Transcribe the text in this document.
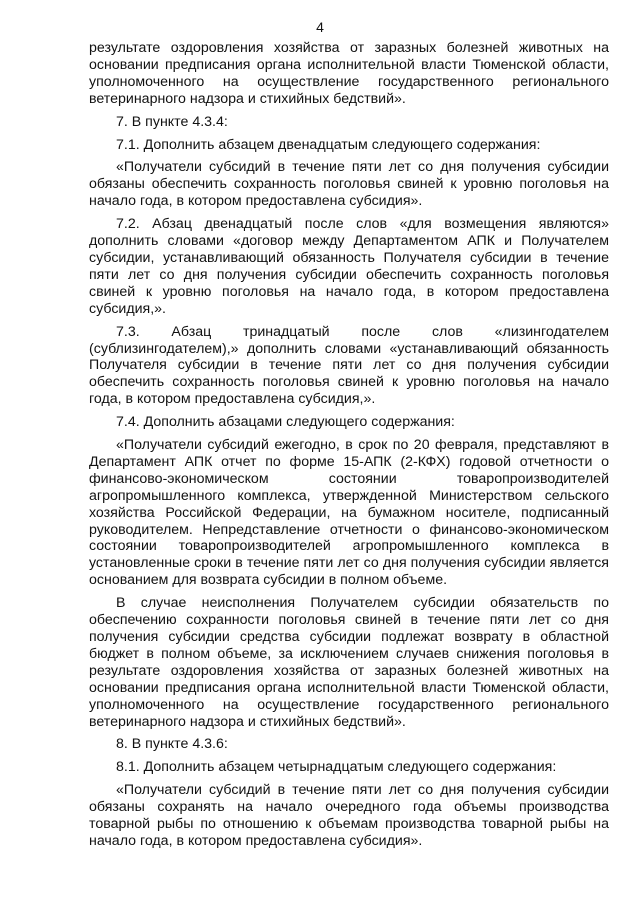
4

результате оздоровления хозяйства от заразных болезней животных на основании предписания органа исполнительной власти Тюменской области, уполномоченного на осуществление государственного регионального ветеринарного надзора и стихийных бедствий».

7. В пункте 4.3.4:

7.1. Дополнить абзацем двенадцатым следующего содержания:

«Получатели субсидий в течение пяти лет со дня получения субсидии обязаны обеспечить сохранность поголовья свиней к уровню поголовья на начало года, в котором предоставлена субсидия».

7.2. Абзац двенадцатый после слов «для возмещения являются» дополнить словами «договор между Департаментом АПК и Получателем субсидии, устанавливающий обязанность Получателя субсидии в течение пяти лет со дня получения субсидии обеспечить сохранность поголовья свиней к уровню поголовья на начало года, в котором предоставлена субсидия,».

7.3. Абзац тринадцатый после слов «лизингодателем (сублизингодателем),» дополнить словами «устанавливающий обязанность Получателя субсидии в течение пяти лет со дня получения субсидии обеспечить сохранность поголовья свиней к уровню поголовья на начало года, в котором предоставлена субсидия,».

7.4. Дополнить абзацами следующего содержания:

«Получатели субсидий ежегодно, в срок по 20 февраля, представляют в Департамент АПК отчет по форме 15-АПК (2-КФХ) годовой отчетности о финансово-экономическом состоянии товаропроизводителей агропромышленного комплекса, утвержденной Министерством сельского хозяйства Российской Федерации, на бумажном носителе, подписанный руководителем. Непредставление отчетности о финансово-экономическом состоянии товаропроизводителей агропромышленного комплекса в установленные сроки в течение пяти лет со дня получения субсидии является основанием для возврата субсидии в полном объеме.

В случае неисполнения Получателем субсидии обязательств по обеспечению сохранности поголовья свиней в течение пяти лет со дня получения субсидии средства субсидии подлежат возврату в областной бюджет в полном объеме, за исключением случаев снижения поголовья в результате оздоровления хозяйства от заразных болезней животных на основании предписания органа исполнительной власти Тюменской области, уполномоченного на осуществление государственного регионального ветеринарного надзора и стихийных бедствий».

8. В пункте 4.3.6:

8.1. Дополнить абзацем четырнадцатым следующего содержания:

«Получатели субсидий в течение пяти лет со дня получения субсидии обязаны сохранять на начало очередного года объемы производства товарной рыбы по отношению к объемам производства товарной рыбы на начало года, в котором предоставлена субсидия».
